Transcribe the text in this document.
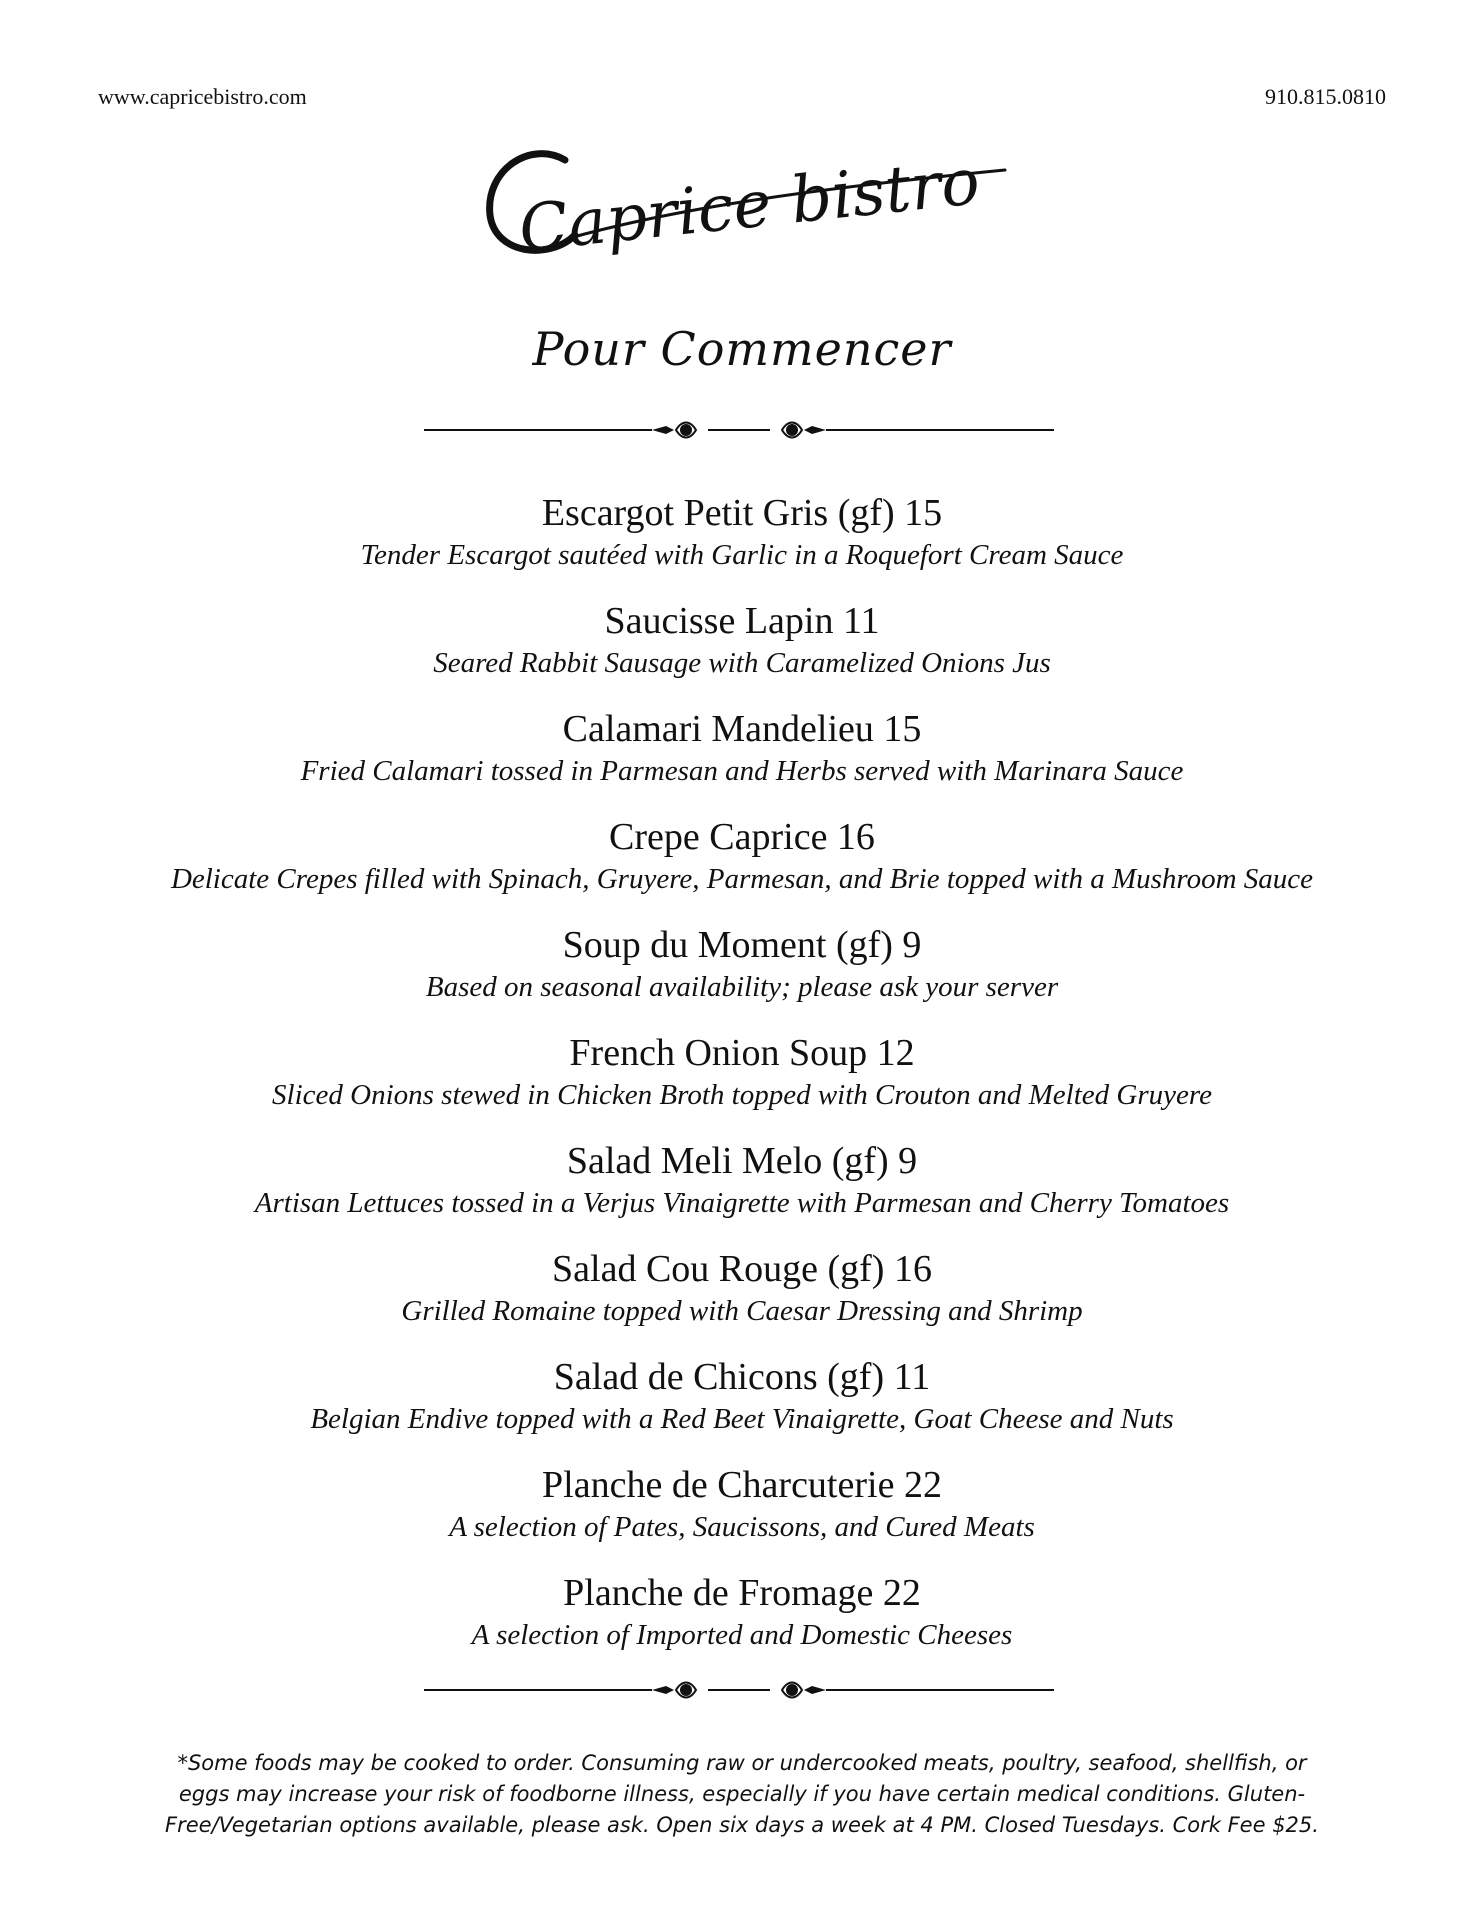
www.capricebistro.com	910.815.0810
Caprice bistro
Pour Commencer
Escargot Petit Gris (gf) 15
Tender Escargot sautéed with Garlic in a Roquefort Cream Sauce
Saucisse Lapin 11
Seared Rabbit Sausage with Caramelized Onions Jus
Calamari Mandelieu 15
Fried Calamari tossed in Parmesan and Herbs served with Marinara Sauce
Crepe Caprice 16
Delicate Crepes filled with Spinach, Gruyere, Parmesan, and Brie topped with a Mushroom Sauce
Soup du Moment (gf) 9
Based on seasonal availability; please ask your server
French Onion Soup 12
Sliced Onions stewed in Chicken Broth topped with Crouton and Melted Gruyere
Salad Meli Melo (gf) 9
Artisan Lettuces tossed in a Verjus Vinaigrette with Parmesan and Cherry Tomatoes
Salad Cou Rouge (gf) 16
Grilled Romaine topped with Caesar Dressing and Shrimp
Salad de Chicons (gf) 11
Belgian Endive topped with a Red Beet Vinaigrette, Goat Cheese and Nuts
Planche de Charcuterie 22
A selection of Pates, Saucissons, and Cured Meats
Planche de Fromage 22
A selection of Imported and Domestic Cheeses
*Some foods may be cooked to order. Consuming raw or undercooked meats, poultry, seafood, shellfish, or
eggs may increase your risk of foodborne illness, especially if you have certain medical conditions. Gluten-
Free/Vegetarian options available, please ask. Open six days a week at 4 PM. Closed Tuesdays. Cork Fee $25.
